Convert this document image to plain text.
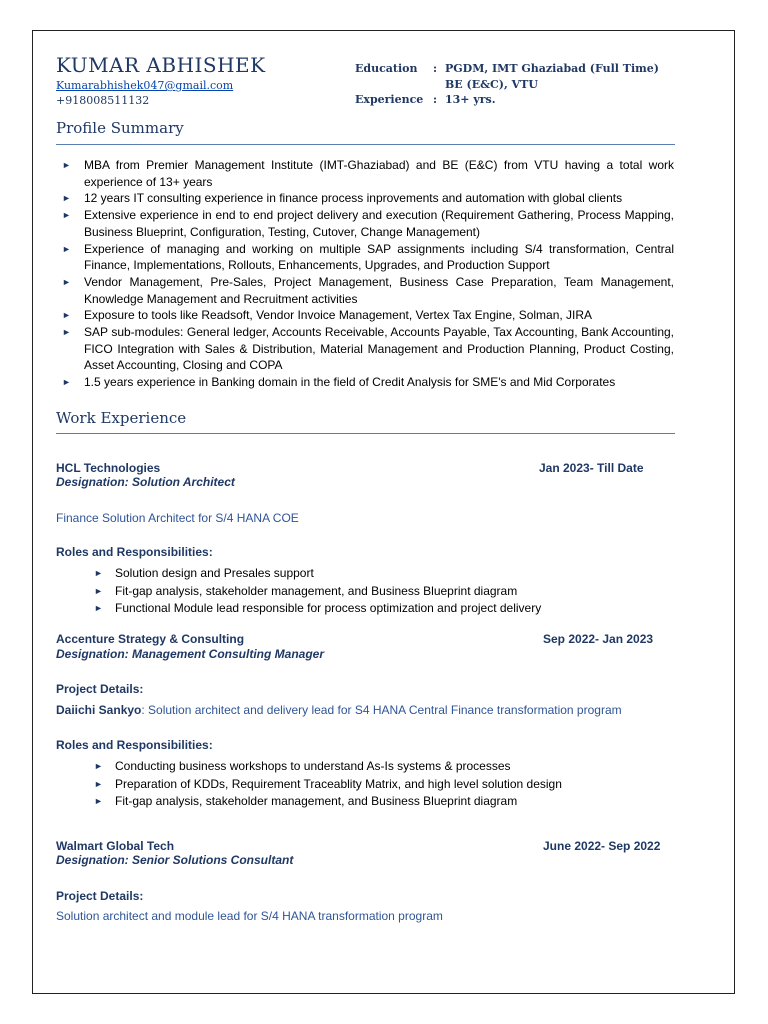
KUMAR ABHISHEK
Kumarabhishek047@gmail.com
+918008511132
Education : PGDM, IMT Ghaziabad (Full Time)
BE (E&C), VTU
Experience : 13+ yrs.
Profile Summary
► MBA from Premier Management Institute (IMT-Ghaziabad) and BE (E&C) from VTU having a total work experience of 13+ years
► 12 years IT consulting experience in finance process inprovements and automation with global clients
► Extensive experience in end to end project delivery and execution (Requirement Gathering, Process Mapping, Business Blueprint, Configuration, Testing, Cutover, Change Management)
► Experience of managing and working on multiple SAP assignments including S/4 transformation, Central Finance, Implementations, Rollouts, Enhancements, Upgrades, and Production Support
► Vendor Management, Pre-Sales, Project Management, Business Case Preparation, Team Management, Knowledge Management and Recruitment activities
► Exposure to tools like Readsoft, Vendor Invoice Management, Vertex Tax Engine, Solman, JIRA
► SAP sub-modules: General ledger, Accounts Receivable, Accounts Payable, Tax Accounting, Bank Accounting, FICO Integration with Sales & Distribution, Material Management and Production Planning, Product Costing, Asset Accounting, Closing and COPA
► 1.5 years experience in Banking domain in the field of Credit Analysis for SME's and Mid Corporates
Work Experience
HCL Technologies	Jan 2023- Till Date
Designation: Solution Architect
Finance Solution Architect for S/4 HANA COE
Roles and Responsibilities:
► Solution design and Presales support
► Fit-gap analysis, stakeholder management, and Business Blueprint diagram
► Functional Module lead responsible for process optimization and project delivery
Accenture Strategy & Consulting	Sep 2022- Jan 2023
Designation: Management Consulting Manager
Project Details:
Daiichi Sankyo: Solution architect and delivery lead for S4 HANA Central Finance transformation program
Roles and Responsibilities:
► Conducting business workshops to understand As-Is systems & processes
► Preparation of KDDs, Requirement Traceablity Matrix, and high level solution design
► Fit-gap analysis, stakeholder management, and Business Blueprint diagram
Walmart Global Tech	June 2022- Sep 2022
Designation: Senior Solutions Consultant
Project Details:
Solution architect and module lead for S/4 HANA transformation program
